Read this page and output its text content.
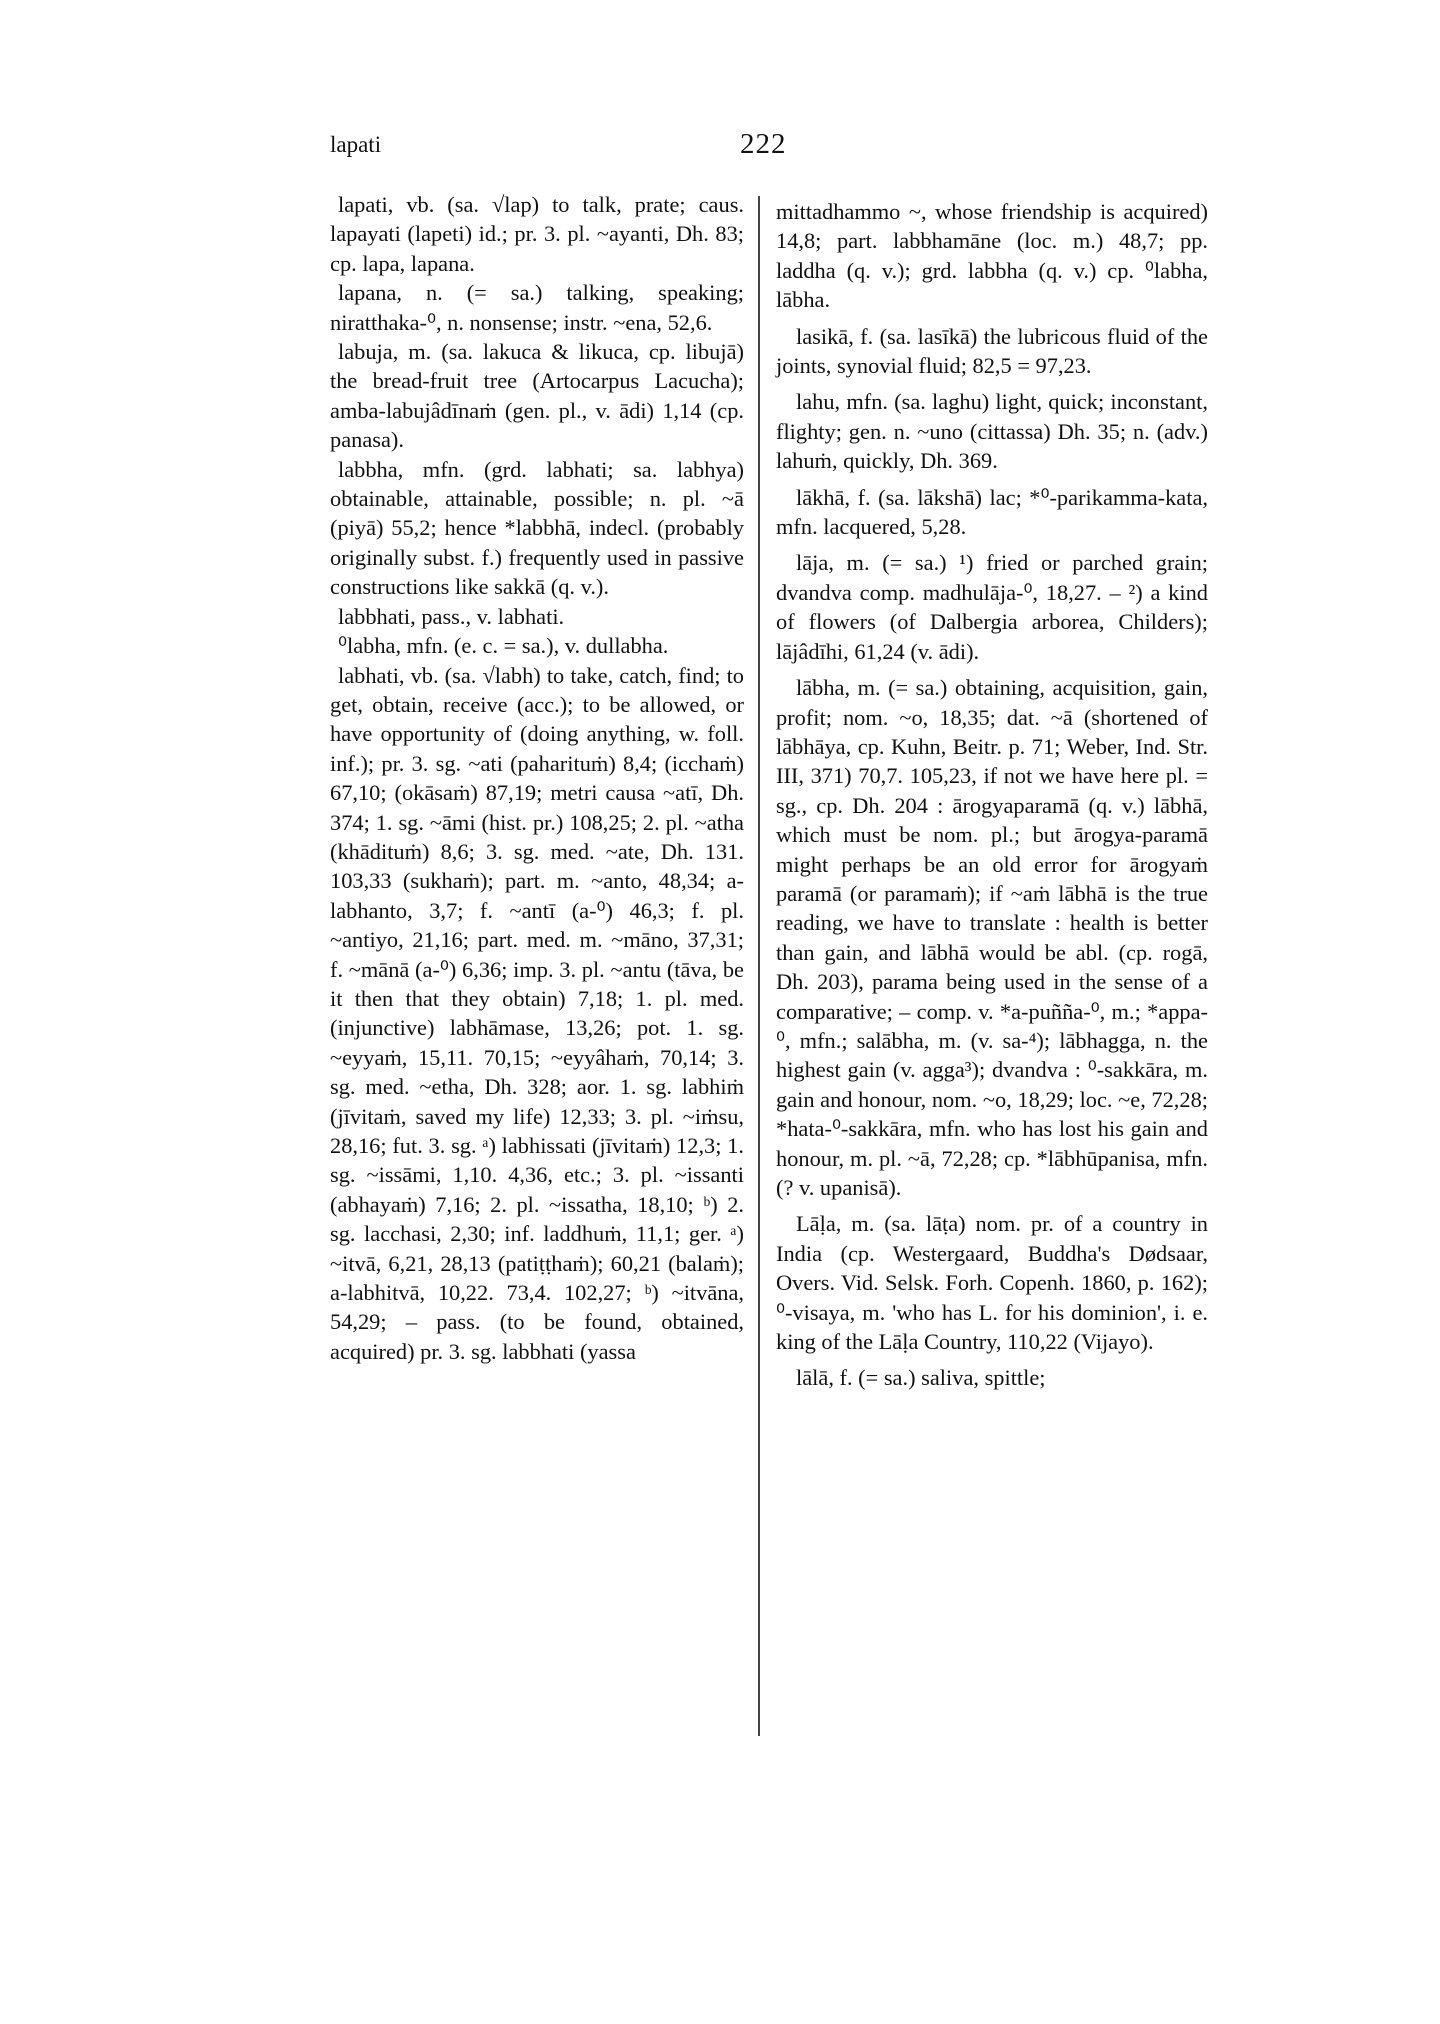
lapati	222

lapati, vb. (sa. √lap) to talk, prate; caus. lapayati (lapeti) id.; pr. 3. pl. ~ayanti, Dh. 83; cp. lapa, lapana.

lapana, n. (= sa.) talking, speaking; niratthaka-⁰, n. nonsense; instr. ~ena, 52,6.

labuja, m. (sa. lakuca & likuca, cp. libujā) the bread-fruit tree (Artocarpus Lacucha); amba-labujâdīnaṁ (gen. pl., v. ādi) 1,14 (cp. panasa).

labbha, mfn. (grd. labhati; sa. labhya) obtainable, attainable, possible; n. pl. ~ā (piyā) 55,2; hence *labbhā, indecl. (probably originally subst. f.) frequently used in passive constructions like sakkā (q. v.).

labbhati, pass., v. labhati.

⁰labha, mfn. (e. c. = sa.), v. dullabha.

labhati, vb. (sa. √labh) to take, catch, find; to get, obtain, receive (acc.); to be allowed, or have opportunity of (doing anything, w. foll. inf.); pr. 3. sg. ~ati (paharituṁ) 8,4; (icchaṁ) 67,10; (okāsaṁ) 87,19; metri causa ~atī, Dh. 374; 1. sg. ~āmi (hist. pr.) 108,25; 2. pl. ~atha (khādituṁ) 8,6; 3. sg. med. ~ate, Dh. 131. 103,33 (sukhaṁ); part. m. ~anto, 48,34; a-labhanto, 3,7; f. ~antī (a-⁰) 46,3; f. pl. ~antiyo, 21,16; part. med. m. ~māno, 37,31; f. ~mānā (a-⁰) 6,36; imp. 3. pl. ~antu (tāva, be it then that they obtain) 7,18; 1. pl. med. (injunctive) labhāmase, 13,26; pot. 1. sg. ~eyyaṁ, 15,11. 70,15; ~eyyâhaṁ, 70,14; 3. sg. med. ~etha, Dh. 328; aor. 1. sg. labhiṁ (jīvitaṁ, saved my life) 12,33; 3. pl. ~iṁsu, 28,16; fut. 3. sg. ᵃ) labhissati (jīvitaṁ) 12,3; 1. sg. ~issāmi, 1,10. 4,36, etc.; 3. pl. ~issanti (abhayaṁ) 7,16; 2. pl. ~issatha, 18,10; ᵇ) 2. sg. lacchasi, 2,30; inf. laddhuṁ, 11,1; ger. ᵃ) ~itvā, 6,21, 28,13 (patiṭṭhaṁ); 60,21 (balaṁ); a-labhitvā, 10,22. 73,4. 102,27; ᵇ) ~itvāna, 54,29; – pass. (to be found, obtained, acquired) pr. 3. sg. labbhati (yassa

mittadhammo ~, whose friendship is acquired) 14,8; part. labbhamāne (loc. m.) 48,7; pp. laddha (q. v.); grd. labbha (q. v.) cp. ⁰labha, lābha.

lasikā, f. (sa. lasīkā) the lubricous fluid of the joints, synovial fluid; 82,5 = 97,23.

lahu, mfn. (sa. laghu) light, quick; inconstant, flighty; gen. n. ~uno (cittassa) Dh. 35; n. (adv.) lahuṁ, quickly, Dh. 369.

lākhā, f. (sa. lākshā) lac; *⁰-parikamma-kata, mfn. lacquered, 5,28.

lāja, m. (= sa.) ¹) fried or parched grain; dvandva comp. madhulāja-⁰, 18,27. – ²) a kind of flowers (of Dalbergia arborea, Childers); lājâdīhi, 61,24 (v. ādi).

lābha, m. (= sa.) obtaining, acquisition, gain, profit; nom. ~o, 18,35; dat. ~ā (shortened of lābhāya, cp. Kuhn, Beitr. p. 71; Weber, Ind. Str. III, 371) 70,7. 105,23, if not we have here pl. = sg., cp. Dh. 204 : ārogyaparamā (q. v.) lābhā, which must be nom. pl.; but ārogya-paramā might perhaps be an old error for ārogyaṁ paramā (or paramaṁ); if ~aṁ lābhā is the true reading, we have to translate : health is better than gain, and lābhā would be abl. (cp. rogā, Dh. 203), parama being used in the sense of a comparative; – comp. v. *a-puñña-⁰, m.; *appa-⁰, mfn.; salābha, m. (v. sa-⁴); lābhagga, n. the highest gain (v. agga³); dvandva : ⁰-sakkāra, m. gain and honour, nom. ~o, 18,29; loc. ~e, 72,28; *hata-⁰-sakkāra, mfn. who has lost his gain and honour, m. pl. ~ā, 72,28; cp. *lābhūpanisa, mfn. (? v. upanisā).

Lāḷa, m. (sa. lāṭa) nom. pr. of a country in India (cp. Westergaard, Buddha's Dødsaar, Overs. Vid. Selsk. Forh. Copenh. 1860, p. 162); ⁰-visaya, m. 'who has L. for his dominion', i. e. king of the Lāḷa Country, 110,22 (Vijayo).

lālā, f. (= sa.) saliva, spittle;
